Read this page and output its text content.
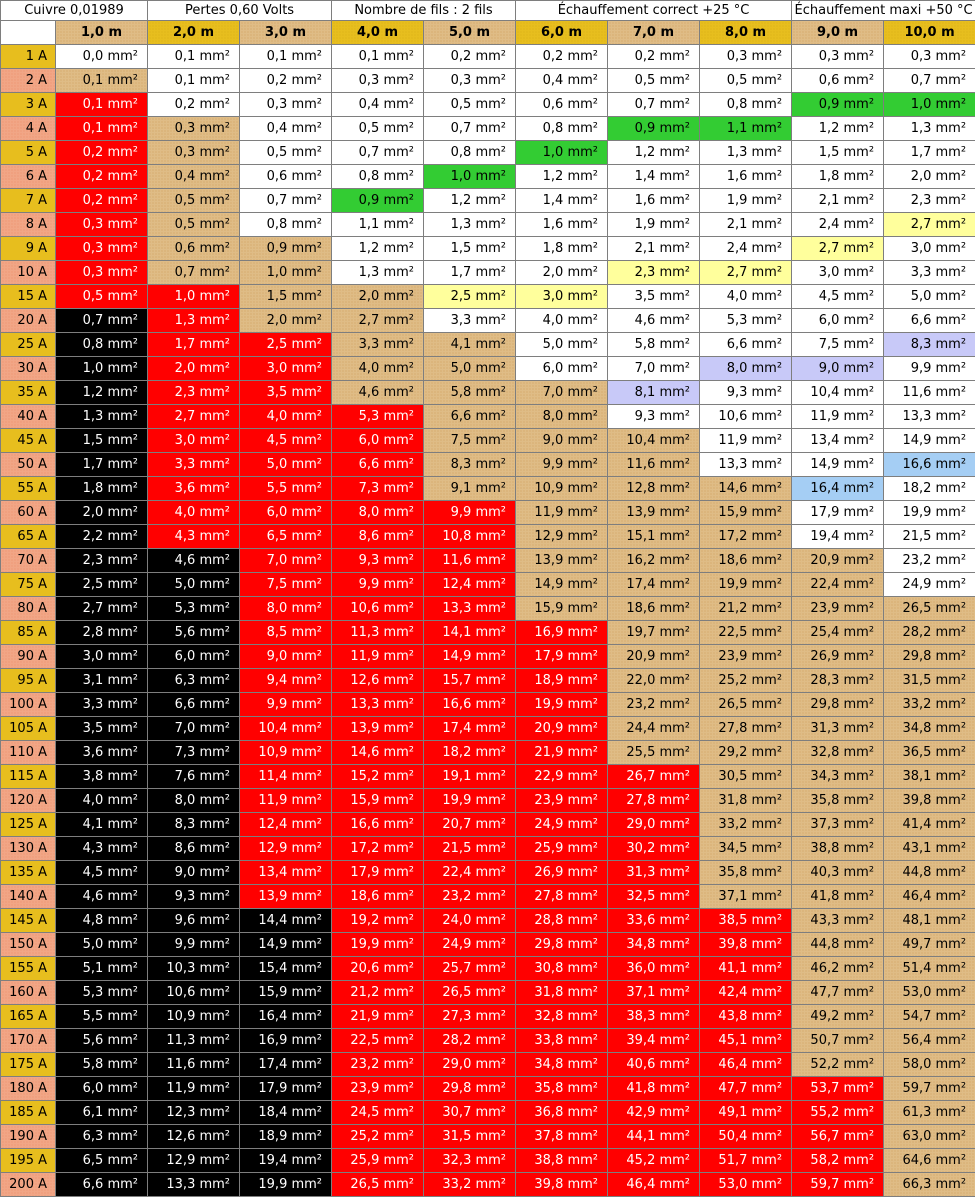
Cuivre 0,01989		Pertes 0,60 Volts		Nombre de fils : 2 fils		Échauffement correct +25 °C			Échauffement maxi +50 °C	
	1,0 m	2,0 m	3,0 m	4,0 m	5,0 m	6,0 m	7,0 m	8,0 m	9,0 m	10,0 m
1 A	0,0 mm²	0,1 mm²	0,1 mm²	0,1 mm²	0,2 mm²	0,2 mm²	0,2 mm²	0,3 mm²	0,3 mm²	0,3 mm²
2 A	0,1 mm²	0,1 mm²	0,2 mm²	0,3 mm²	0,3 mm²	0,4 mm²	0,5 mm²	0,5 mm²	0,6 mm²	0,7 mm²
3 A	0,1 mm²	0,2 mm²	0,3 mm²	0,4 mm²	0,5 mm²	0,6 mm²	0,7 mm²	0,8 mm²	0,9 mm²	1,0 mm²
4 A	0,1 mm²	0,3 mm²	0,4 mm²	0,5 mm²	0,7 mm²	0,8 mm²	0,9 mm²	1,1 mm²	1,2 mm²	1,3 mm²
5 A	0,2 mm²	0,3 mm²	0,5 mm²	0,7 mm²	0,8 mm²	1,0 mm²	1,2 mm²	1,3 mm²	1,5 mm²	1,7 mm²
6 A	0,2 mm²	0,4 mm²	0,6 mm²	0,8 mm²	1,0 mm²	1,2 mm²	1,4 mm²	1,6 mm²	1,8 mm²	2,0 mm²
7 A	0,2 mm²	0,5 mm²	0,7 mm²	0,9 mm²	1,2 mm²	1,4 mm²	1,6 mm²	1,9 mm²	2,1 mm²	2,3 mm²
8 A	0,3 mm²	0,5 mm²	0,8 mm²	1,1 mm²	1,3 mm²	1,6 mm²	1,9 mm²	2,1 mm²	2,4 mm²	2,7 mm²
9 A	0,3 mm²	0,6 mm²	0,9 mm²	1,2 mm²	1,5 mm²	1,8 mm²	2,1 mm²	2,4 mm²	2,7 mm²	3,0 mm²
10 A	0,3 mm²	0,7 mm²	1,0 mm²	1,3 mm²	1,7 mm²	2,0 mm²	2,3 mm²	2,7 mm²	3,0 mm²	3,3 mm²
15 A	0,5 mm²	1,0 mm²	1,5 mm²	2,0 mm²	2,5 mm²	3,0 mm²	3,5 mm²	4,0 mm²	4,5 mm²	5,0 mm²
20 A	0,7 mm²	1,3 mm²	2,0 mm²	2,7 mm²	3,3 mm²	4,0 mm²	4,6 mm²	5,3 mm²	6,0 mm²	6,6 mm²
25 A	0,8 mm²	1,7 mm²	2,5 mm²	3,3 mm²	4,1 mm²	5,0 mm²	5,8 mm²	6,6 mm²	7,5 mm²	8,3 mm²
30 A	1,0 mm²	2,0 mm²	3,0 mm²	4,0 mm²	5,0 mm²	6,0 mm²	7,0 mm²	8,0 mm²	9,0 mm²	9,9 mm²
35 A	1,2 mm²	2,3 mm²	3,5 mm²	4,6 mm²	5,8 mm²	7,0 mm²	8,1 mm²	9,3 mm²	10,4 mm²	11,6 mm²
40 A	1,3 mm²	2,7 mm²	4,0 mm²	5,3 mm²	6,6 mm²	8,0 mm²	9,3 mm²	10,6 mm²	11,9 mm²	13,3 mm²
45 A	1,5 mm²	3,0 mm²	4,5 mm²	6,0 mm²	7,5 mm²	9,0 mm²	10,4 mm²	11,9 mm²	13,4 mm²	14,9 mm²
50 A	1,7 mm²	3,3 mm²	5,0 mm²	6,6 mm²	8,3 mm²	9,9 mm²	11,6 mm²	13,3 mm²	14,9 mm²	16,6 mm²
55 A	1,8 mm²	3,6 mm²	5,5 mm²	7,3 mm²	9,1 mm²	10,9 mm²	12,8 mm²	14,6 mm²	16,4 mm²	18,2 mm²
60 A	2,0 mm²	4,0 mm²	6,0 mm²	8,0 mm²	9,9 mm²	11,9 mm²	13,9 mm²	15,9 mm²	17,9 mm²	19,9 mm²
65 A	2,2 mm²	4,3 mm²	6,5 mm²	8,6 mm²	10,8 mm²	12,9 mm²	15,1 mm²	17,2 mm²	19,4 mm²	21,5 mm²
70 A	2,3 mm²	4,6 mm²	7,0 mm²	9,3 mm²	11,6 mm²	13,9 mm²	16,2 mm²	18,6 mm²	20,9 mm²	23,2 mm²
75 A	2,5 mm²	5,0 mm²	7,5 mm²	9,9 mm²	12,4 mm²	14,9 mm²	17,4 mm²	19,9 mm²	22,4 mm²	24,9 mm²
80 A	2,7 mm²	5,3 mm²	8,0 mm²	10,6 mm²	13,3 mm²	15,9 mm²	18,6 mm²	21,2 mm²	23,9 mm²	26,5 mm²
85 A	2,8 mm²	5,6 mm²	8,5 mm²	11,3 mm²	14,1 mm²	16,9 mm²	19,7 mm²	22,5 mm²	25,4 mm²	28,2 mm²
90 A	3,0 mm²	6,0 mm²	9,0 mm²	11,9 mm²	14,9 mm²	17,9 mm²	20,9 mm²	23,9 mm²	26,9 mm²	29,8 mm²
95 A	3,1 mm²	6,3 mm²	9,4 mm²	12,6 mm²	15,7 mm²	18,9 mm²	22,0 mm²	25,2 mm²	28,3 mm²	31,5 mm²
100 A	3,3 mm²	6,6 mm²	9,9 mm²	13,3 mm²	16,6 mm²	19,9 mm²	23,2 mm²	26,5 mm²	29,8 mm²	33,2 mm²
105 A	3,5 mm²	7,0 mm²	10,4 mm²	13,9 mm²	17,4 mm²	20,9 mm²	24,4 mm²	27,8 mm²	31,3 mm²	34,8 mm²
110 A	3,6 mm²	7,3 mm²	10,9 mm²	14,6 mm²	18,2 mm²	21,9 mm²	25,5 mm²	29,2 mm²	32,8 mm²	36,5 mm²
115 A	3,8 mm²	7,6 mm²	11,4 mm²	15,2 mm²	19,1 mm²	22,9 mm²	26,7 mm²	30,5 mm²	34,3 mm²	38,1 mm²
120 A	4,0 mm²	8,0 mm²	11,9 mm²	15,9 mm²	19,9 mm²	23,9 mm²	27,8 mm²	31,8 mm²	35,8 mm²	39,8 mm²
125 A	4,1 mm²	8,3 mm²	12,4 mm²	16,6 mm²	20,7 mm²	24,9 mm²	29,0 mm²	33,2 mm²	37,3 mm²	41,4 mm²
130 A	4,3 mm²	8,6 mm²	12,9 mm²	17,2 mm²	21,5 mm²	25,9 mm²	30,2 mm²	34,5 mm²	38,8 mm²	43,1 mm²
135 A	4,5 mm²	9,0 mm²	13,4 mm²	17,9 mm²	22,4 mm²	26,9 mm²	31,3 mm²	35,8 mm²	40,3 mm²	44,8 mm²
140 A	4,6 mm²	9,3 mm²	13,9 mm²	18,6 mm²	23,2 mm²	27,8 mm²	32,5 mm²	37,1 mm²	41,8 mm²	46,4 mm²
145 A	4,8 mm²	9,6 mm²	14,4 mm²	19,2 mm²	24,0 mm²	28,8 mm²	33,6 mm²	38,5 mm²	43,3 mm²	48,1 mm²
150 A	5,0 mm²	9,9 mm²	14,9 mm²	19,9 mm²	24,9 mm²	29,8 mm²	34,8 mm²	39,8 mm²	44,8 mm²	49,7 mm²
155 A	5,1 mm²	10,3 mm²	15,4 mm²	20,6 mm²	25,7 mm²	30,8 mm²	36,0 mm²	41,1 mm²	46,2 mm²	51,4 mm²
160 A	5,3 mm²	10,6 mm²	15,9 mm²	21,2 mm²	26,5 mm²	31,8 mm²	37,1 mm²	42,4 mm²	47,7 mm²	53,0 mm²
165 A	5,5 mm²	10,9 mm²	16,4 mm²	21,9 mm²	27,3 mm²	32,8 mm²	38,3 mm²	43,8 mm²	49,2 mm²	54,7 mm²
170 A	5,6 mm²	11,3 mm²	16,9 mm²	22,5 mm²	28,2 mm²	33,8 mm²	39,4 mm²	45,1 mm²	50,7 mm²	56,4 mm²
175 A	5,8 mm²	11,6 mm²	17,4 mm²	23,2 mm²	29,0 mm²	34,8 mm²	40,6 mm²	46,4 mm²	52,2 mm²	58,0 mm²
180 A	6,0 mm²	11,9 mm²	17,9 mm²	23,9 mm²	29,8 mm²	35,8 mm²	41,8 mm²	47,7 mm²	53,7 mm²	59,7 mm²
185 A	6,1 mm²	12,3 mm²	18,4 mm²	24,5 mm²	30,7 mm²	36,8 mm²	42,9 mm²	49,1 mm²	55,2 mm²	61,3 mm²
190 A	6,3 mm²	12,6 mm²	18,9 mm²	25,2 mm²	31,5 mm²	37,8 mm²	44,1 mm²	50,4 mm²	56,7 mm²	63,0 mm²
195 A	6,5 mm²	12,9 mm²	19,4 mm²	25,9 mm²	32,3 mm²	38,8 mm²	45,2 mm²	51,7 mm²	58,2 mm²	64,6 mm²
200 A	6,6 mm²	13,3 mm²	19,9 mm²	26,5 mm²	33,2 mm²	39,8 mm²	46,4 mm²	53,0 mm²	59,7 mm²	66,3 mm²
